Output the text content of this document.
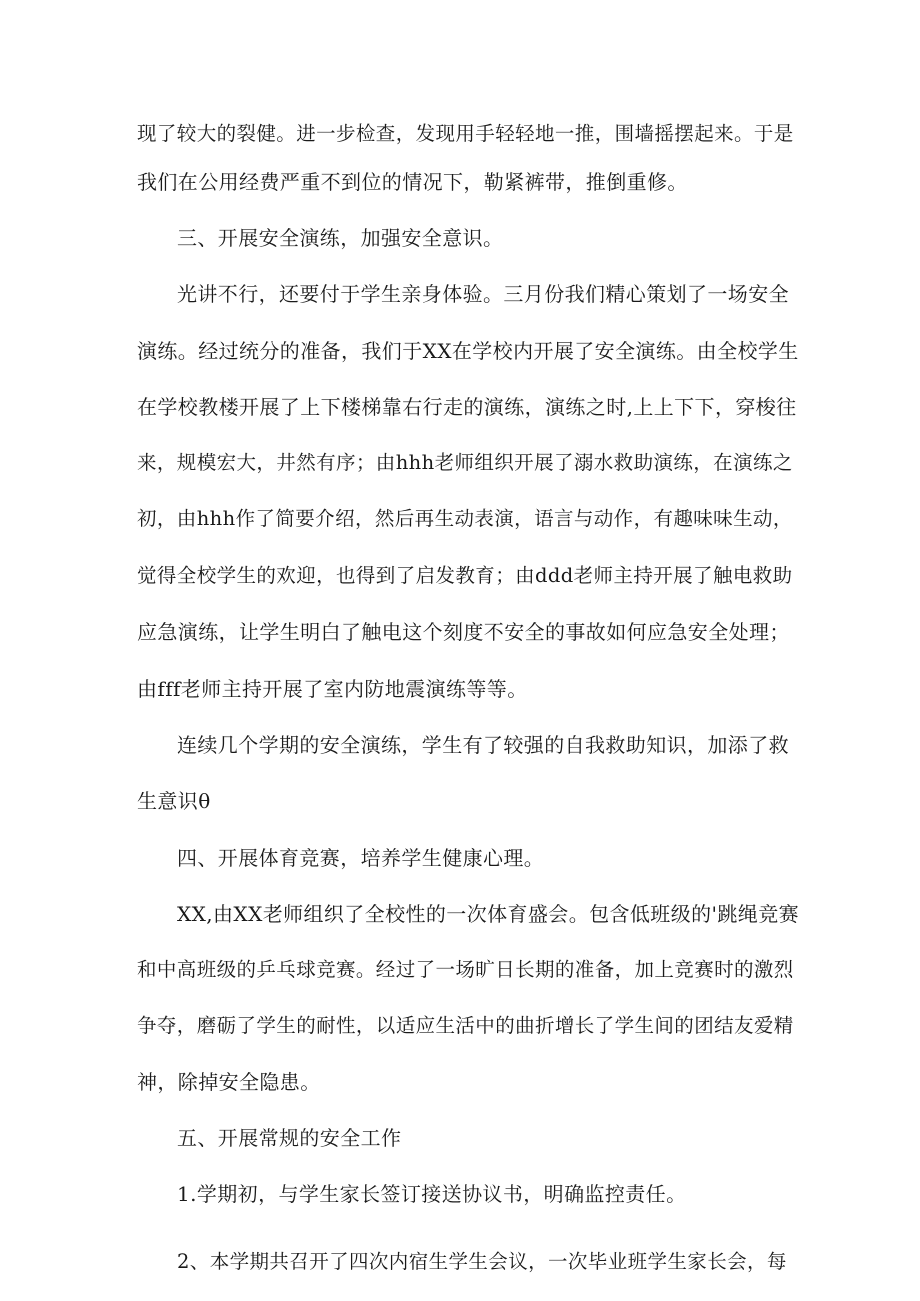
现了较大的裂健。进一步检查，发现用手轻轻地一推，围墙摇摆起来。于是
我们在公用经费严重不到位的情况下，勒紧裤带，推倒重修。
三、开展安全演练，加强安全意识。
光讲不行，还要付于学生亲身体验。三月份我们精心策划了一场安全
演练。经过统分的准备，我们于XX在学校内开展了安全演练。由全校学生
在学校教楼开展了上下楼梯靠右行走的演练，演练之时,上上下下，穿梭往
来，规模宏大，井然有序；由hhh老师组织开展了溺水救助演练，在演练之
初，由hhh作了简要介绍，然后再生动表演，语言与动作，有趣味味生动，
觉得全校学生的欢迎，也得到了启发教育；由ddd老师主持开展了触电救助
应急演练，让学生明白了触电这个刻度不安全的事故如何应急安全处理；
由fff老师主持开展了室内防地震演练等等。
连续几个学期的安全演练，学生有了较强的自我救助知识，加添了救
生意识θ
四、开展体育竞赛，培养学生健康心理。
XX,由XX老师组织了全校性的一次体育盛会。包含低班级的'跳绳竞赛
和中高班级的乒乓球竞赛。经过了一场旷日长期的准备，加上竞赛时的激烈
争夺，磨砺了学生的耐性，以适应生活中的曲折增长了学生间的团结友爱精
神，除掉安全隐患。
五、开展常规的安全工作
1.学期初，与学生家长签订接送协议书，明确监控责任。
2、本学期共召开了四次内宿生学生会议，一次毕业班学生家长会，每
